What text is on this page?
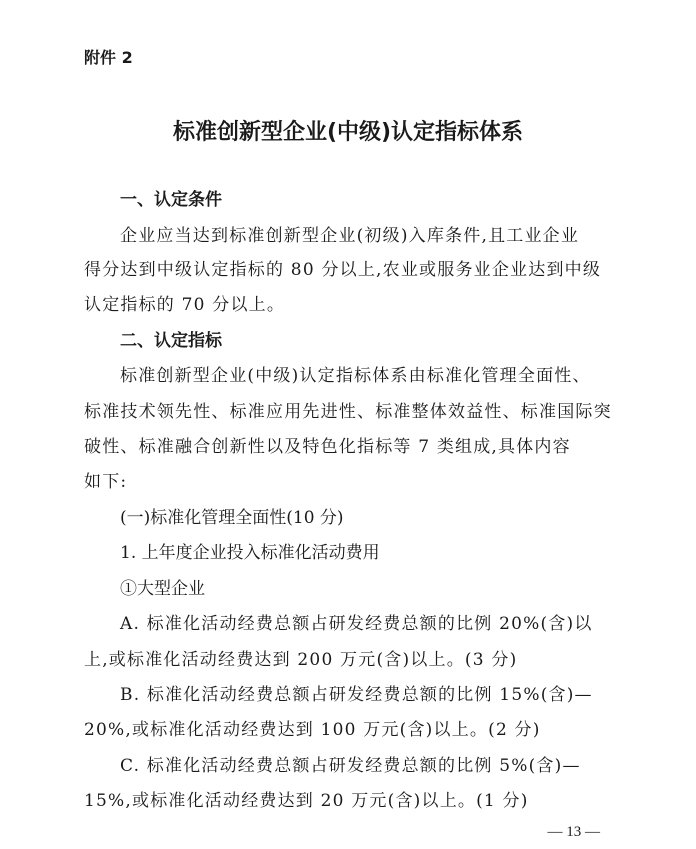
附件 2
标准创新型企业(中级)认定指标体系
一、认定条件
企业应当达到标准创新型企业(初级)入库条件,且工业企业
得分达到中级认定指标的 80 分以上,农业或服务业企业达到中级
认定指标的 70 分以上。
二、认定指标
标准创新型企业(中级)认定指标体系由标准化管理全面性、
标准技术领先性、标准应用先进性、标准整体效益性、标准国际突
破性、标准融合创新性以及特色化指标等 7 类组成,具体内容
如下:
(一)标准化管理全面性(10 分)
1. 上年度企业投入标准化活动费用
①大型企业
A. 标准化活动经费总额占研发经费总额的比例 20%(含)以
上,或标准化活动经费达到 200 万元(含)以上。(3 分)
B. 标准化活动经费总额占研发经费总额的比例 15%(含)—
20%,或标准化活动经费达到 100 万元(含)以上。(2 分)
C. 标准化活动经费总额占研发经费总额的比例 5%(含)—
15%,或标准化活动经费达到 20 万元(含)以上。(1 分)
— 13 —
